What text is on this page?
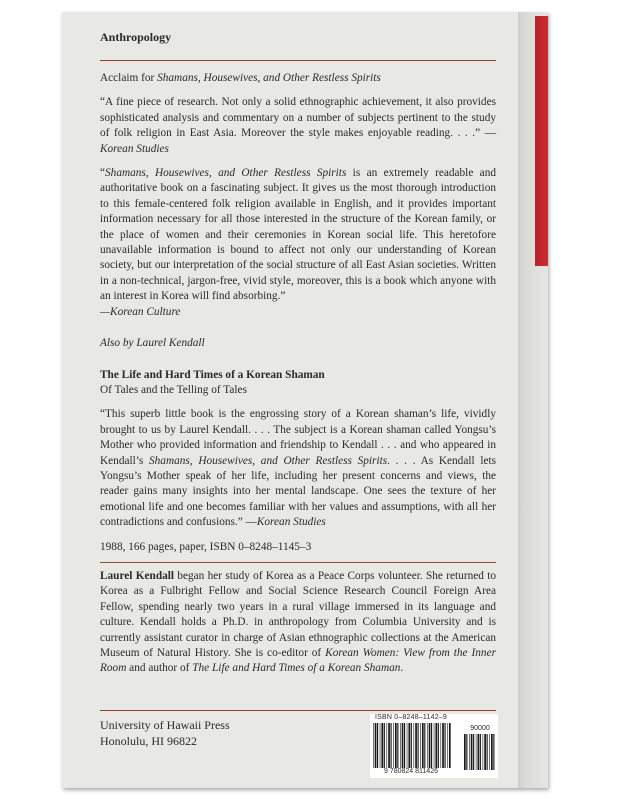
Anthropology

Acclaim for Shamans, Housewives, and Other Restless Spirits

“A fine piece of research. Not only a solid ethnographic achievement, it also provides sophisticated analysis and commentary on a number of subjects pertinent to the study of folk religion in East Asia. Moreover the style makes enjoyable reading. . . .” —Korean Studies

“Shamans, Housewives, and Other Restless Spirits is an extremely readable and authoritative book on a fascinating subject. It gives us the most thorough introduction to this female-centered folk religion available in English, and it provides important information necessary for all those interested in the structure of the Korean family, or the place of women and their ceremonies in Korean social life. This heretofore unavailable information is bound to affect not only our understanding of Korean society, but our interpretation of the social structure of all East Asian societies. Written in a non-technical, jargon-free, vivid style, moreover, this is a book which anyone with an interest in Korea will find absorbing.”
—Korean Culture

Also by Laurel Kendall

The Life and Hard Times of a Korean Shaman

Of Tales and the Telling of Tales

“This superb little book is the engrossing story of a Korean shaman’s life, vividly brought to us by Laurel Kendall. . . . The subject is a Korean shaman called Yongsu’s Mother who provided information and friendship to Kendall . . . and who appeared in Kendall’s Shamans, Housewives, and Other Restless Spirits. . . . As Kendall lets Yongsu’s Mother speak of her life, including her present concerns and views, the reader gains many insights into her mental landscape. One sees the texture of her emotional life and one becomes familiar with her values and assumptions, with all her contradictions and confusions.” —Korean Studies

1988, 166 pages, paper, ISBN 0–8248–1145–3

Laurel Kendall began her study of Korea as a Peace Corps volunteer. She returned to Korea as a Fulbright Fellow and Social Science Research Council Foreign Area Fellow, spending nearly two years in a rural village immersed in its language and culture. Kendall holds a Ph.D. in anthropology from Columbia University and is currently assistant curator in charge of Asian ethnographic collections at the American Museum of Natural History. She is co-editor of Korean Women: View from the Inner Room and author of The Life and Hard Times of a Korean Shaman.

University of Hawaii Press
Honolulu, HI 96822
ISBN 0–8248–1142–9
90000
9 780824 811426
